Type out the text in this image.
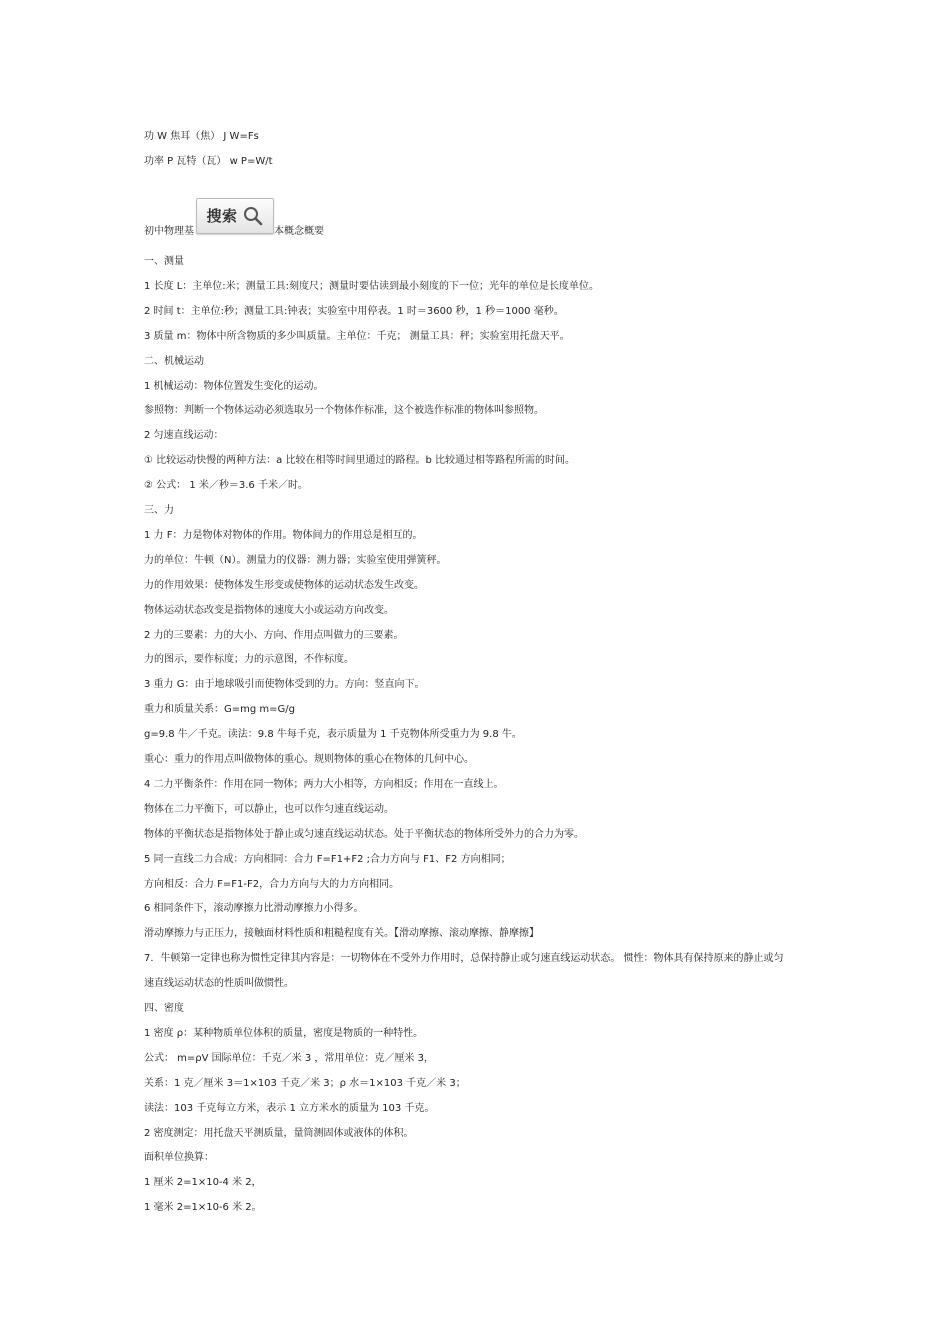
功 W 焦耳（焦） J W=Fs
功率 P 瓦特（瓦） w P=W/t
初中物理基
搜索
本概念概要
一、测量
1 长度 L：主单位:米；测量工具:刻度尺；测量时要估读到最小刻度的下一位；光年的单位是长度单位。
2 时间 t：主单位:秒；测量工具:钟表；实验室中用停表。1 时＝3600 秒，1 秒＝1000 毫秒。
3 质量 m：物体中所含物质的多少叫质量。主单位：千克； 测量工具：秤；实验室用托盘天平。
二、机械运动
1 机械运动：物体位置发生变化的运动。
参照物：判断一个物体运动必须选取另一个物体作标准，这个被选作标准的物体叫参照物。
2 匀速直线运动：
① 比较运动快慢的两种方法：a 比较在相等时间里通过的路程。b 比较通过相等路程所需的时间。
② 公式： 1 米／秒＝3.6 千米／时。
三、力
1 力 F：力是物体对物体的作用。物体间力的作用总是相互的。
力的单位：牛顿（N）。测量力的仪器：测力器；实验室使用弹簧秤。
力的作用效果：使物体发生形变或使物体的运动状态发生改变。
物体运动状态改变是指物体的速度大小或运动方向改变。
2 力的三要素：力的大小、方向、作用点叫做力的三要素。
力的图示，要作标度；力的示意图，不作标度。
3 重力 G：由于地球吸引而使物体受到的力。方向：竖直向下。
重力和质量关系：G=mg m=G/g
g=9.8 牛／千克。读法：9.8 牛每千克，表示质量为 1 千克物体所受重力为 9.8 牛。
重心：重力的作用点叫做物体的重心。规则物体的重心在物体的几何中心。
4 二力平衡条件：作用在同一物体；两力大小相等，方向相反；作用在一直线上。
物体在二力平衡下，可以静止，也可以作匀速直线运动。
物体的平衡状态是指物体处于静止或匀速直线运动状态。处于平衡状态的物体所受外力的合力为零。
5 同一直线二力合成：方向相同：合力 F=F1+F2 ;合力方向与 F1、F2 方向相同；
方向相反：合力 F=F1-F2，合力方向与大的力方向相同。
6 相同条件下，滚动摩擦力比滑动摩擦力小得多。
滑动摩擦力与正压力，接触面材料性质和粗糙程度有关。【滑动摩擦、滚动摩擦、静摩擦】
7．牛顿第一定律也称为惯性定律其内容是：一切物体在不受外力作用时，总保持静止或匀速直线运动状态。 惯性：物体具有保持原来的静止或匀
速直线运动状态的性质叫做惯性。
四、密度
1 密度 ρ：某种物质单位体积的质量，密度是物质的一种特性。
公式： m=ρV 国际单位：千克／米 3 ，常用单位：克／厘米 3，
关系：1 克／厘米 3＝1×103 千克／米 3；ρ 水＝1×103 千克／米 3；
读法：103 千克每立方米，表示 1 立方米水的质量为 103 千克。
2 密度测定：用托盘天平测质量，量筒测固体或液体的体积。
面积单位换算：
1 厘米 2=1×10-4 米 2，
1 毫米 2=1×10-6 米 2。
